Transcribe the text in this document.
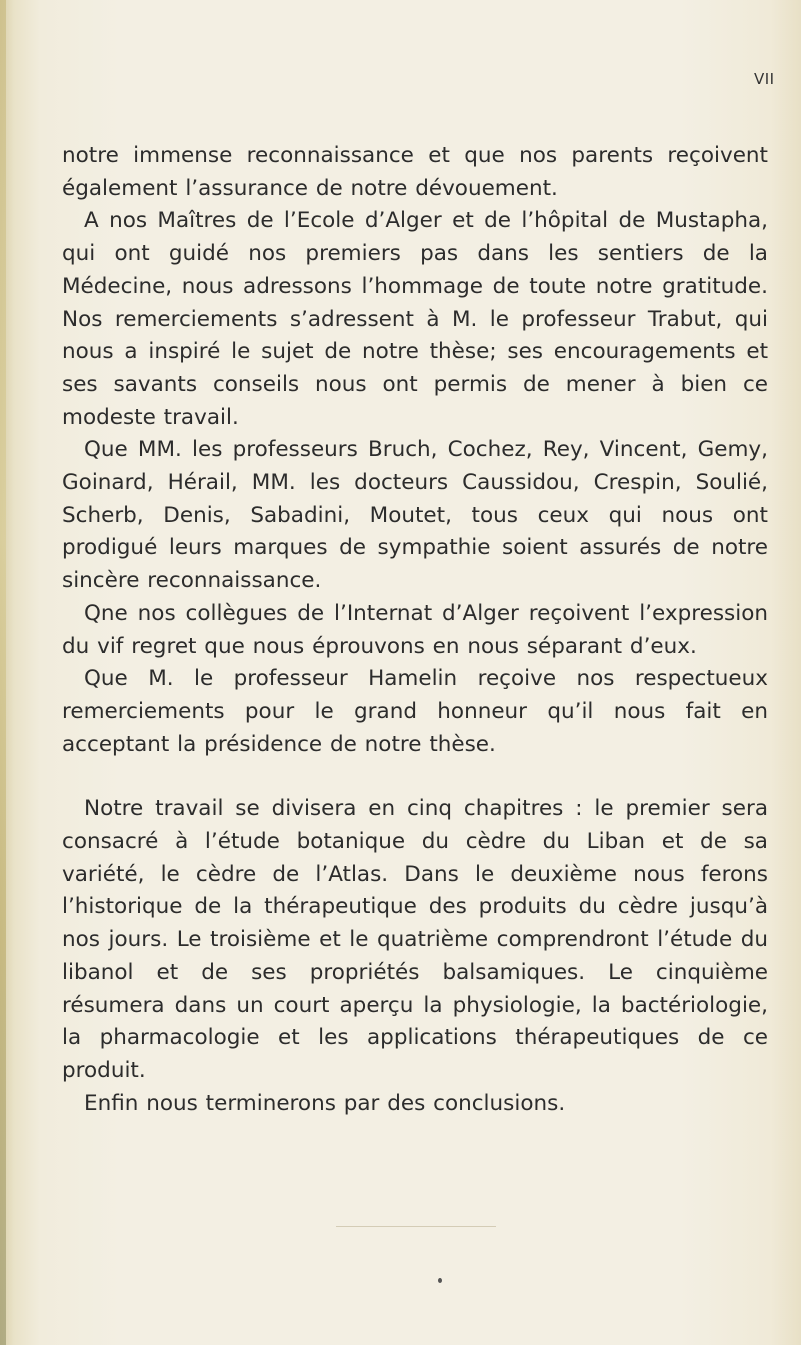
VII

notre immense reconnaissance et que nos parents reçoivent également l’assurance de notre dévouement.

A nos Maîtres de l’Ecole d’Alger et de l’hôpital de Mustapha, qui ont guidé nos premiers pas dans les sentiers de la Médecine, nous adressons l’hommage de toute notre gratitude. Nos remerciements s’adressent à M. le professeur Trabut, qui nous a inspiré le sujet de notre thèse; ses encouragements et ses savants conseils nous ont permis de mener à bien ce modeste travail.

Que MM. les professeurs Bruch, Cochez, Rey, Vincent, Gemy, Goinard, Hérail, MM. les docteurs Caussidou, Crespin, Soulié, Scherb, Denis, Sabadini, Moutet, tous ceux qui nous ont prodigué leurs marques de sympathie soient assurés de notre sincère reconnaissance.

Qne nos collègues de l’Internat d’Alger reçoivent l’expression du vif regret que nous éprouvons en nous séparant d’eux.

Que M. le professeur Hamelin reçoive nos respectueux remerciements pour le grand honneur qu’il nous fait en acceptant la présidence de notre thèse.

Notre travail se divisera en cinq chapitres : le premier sera consacré à l’étude botanique du cèdre du Liban et de sa variété, le cèdre de l’Atlas. Dans le deuxième nous ferons l’historique de la thérapeutique des produits du cèdre jusqu’à nos jours. Le troisième et le quatrième comprendront l’étude du libanol et de ses propriétés balsamiques. Le cinquième résumera dans un court aperçu la physiologie, la bactériologie, la pharmacologie et les applications thérapeutiques de ce produit.

Enfin nous terminerons par des conclusions.
